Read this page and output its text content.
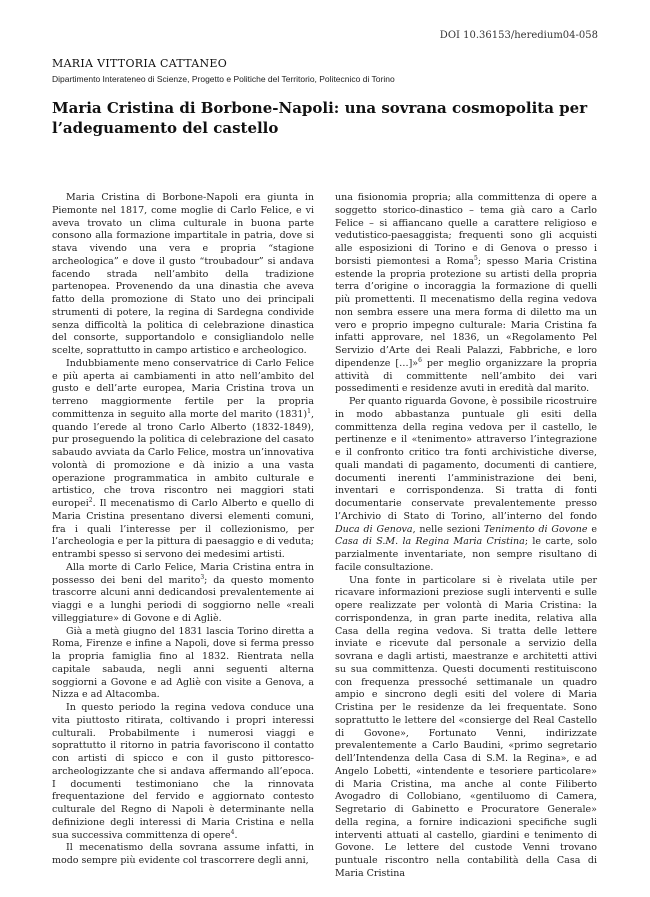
DOI 10.36153/heredium04-058
MARIA VITTORIA CATTANEO
Dipartimento Interateneo di Scienze, Progetto e Politiche del Territorio, Politecnico di Torino
Maria Cristina di Borbone-Napoli: una sovrana cosmopolita per l’adeguamento del castello

Maria Cristina di Borbone-Napoli era giunta in Piemonte nel 1817, come moglie di Carlo Felice, e vi aveva trovato un clima culturale in buona parte consono alla formazione impartitale in patria, dove si stava vivendo una vera e propria “stagione archeologica” e dove il gusto “troubadour” si andava facendo strada nell’ambito della tradizione partenopea. Provenendo da una dinastia che aveva fatto della promozione di Stato uno dei principali strumenti di potere, la regina di Sardegna condivide senza difficoltà la politica di celebrazione dinastica del consorte, supportandolo e consigliandolo nelle scelte, soprattutto in campo artistico e archeologico.

Indubbiamente meno conservatrice di Carlo Felice e più aperta ai cambiamenti in atto nell’ambito del gusto e dell’arte europea, Maria Cristina trova un terreno maggiormente fertile per la propria committenza in seguito alla morte del marito $(1831)^1$, quando l’erede al trono Carlo Alberto (1832-1849), pur proseguendo la politica di celebrazione del casato sabaudo avviata da Carlo Felice, mostra un’innovativa volontà di promozione e dà inizio a una vasta operazione programmatica in ambito culturale e artistico, che trova riscontro nei maggiori stati europei$^2$. Il mecenatismo di Carlo Alberto e quello di Maria Cristina presentano diversi elementi comuni, fra i quali l’interesse per il collezionismo, per l’archeologia e per la pittura di paesaggio e di veduta; entrambi spesso si servono dei medesimi artisti.

Alla morte di Carlo Felice, Maria Cristina entra in possesso dei beni del marito$^3$; da questo momento trascorre alcuni anni dedicandosi prevalentemente ai viaggi e a lunghi periodi di soggiorno nelle «reali villeggiature» di Govone e di Agliè.

Già a metà giugno del 1831 lascia Torino diretta a Roma, Firenze e infine a Napoli, dove si ferma presso la propria famiglia fino al 1832. Rientrata nella capitale sabauda, negli anni seguenti alterna soggiorni a Govone e ad Agliè con visite a Genova, a Nizza e ad Altacomba.

In questo periodo la regina vedova conduce una vita piuttosto ritirata, coltivando i propri interessi culturali. Probabilmente i numerosi viaggi e soprattutto il ritorno in patria favoriscono il contatto con artisti di spicco e con il gusto pittoresco-archeologizzante che si andava affermando all’epoca. I documenti testimoniano che la rinnovata frequentazione del fervido e aggiornato contesto culturale del Regno di Napoli è determinante nella definizione degli interessi di Maria Cristina e nella sua successiva committenza di opere$^4$.

Il mecenatismo della sovrana assume infatti, in modo sempre più evidente col trascorrere degli anni,

una fisionomia propria; alla committenza di opere a soggetto storico-dinastico – tema già caro a Carlo Felice – si affiancano quelle a carattere religioso e vedutistico-paesaggista; frequenti sono gli acquisti alle esposizioni di Torino e di Genova o presso i borsisti piemontesi a Roma$^5$; spesso Maria Cristina estende la propria protezione su artisti della propria terra d’origine o incoraggia la formazione di quelli più promettenti. Il mecenatismo della regina vedova non sembra essere una mera forma di diletto ma un vero e proprio impegno culturale: Maria Cristina fa infatti approvare, nel 1836, un «Regolamento Pel Servizio d’Arte dei Reali Palazzi, Fabbriche, e loro dipendenze […]»$^6$ per meglio organizzare la propria attività di committente nell’ambito dei vari possedimenti e residenze avuti in eredità dal marito.

Per quanto riguarda Govone, è possibile ricostruire in modo abbastanza puntuale gli esiti della committenza della regina vedova per il castello, le pertinenze e il «tenimento» attraverso l’integrazione e il confronto critico tra fonti archivistiche diverse, quali mandati di pagamento, documenti di cantiere, documenti inerenti l’amministrazione dei beni, inventari e corrispondenza. Si tratta di fonti documentarie conservate prevalentemente presso l’Archivio di Stato di Torino, all’interno del fondo Duca di Genova, nelle sezioni Tenimento di Govone e Casa di S.M. la Regina Maria Cristina; le carte, solo parzialmente inventariate, non sempre risultano di facile consultazione.

Una fonte in particolare si è rivelata utile per ricavare informazioni preziose sugli interventi e sulle opere realizzate per volontà di Maria Cristina: la corrispondenza, in gran parte inedita, relativa alla Casa della regina vedova. Si tratta delle lettere inviate e ricevute dal personale a servizio della sovrana e dagli artisti, maestranze e architetti attivi su sua committenza. Questi documenti restituiscono con frequenza pressoché settimanale un quadro ampio e sincrono degli esiti del volere di Maria Cristina per le residenze da lei frequentate. Sono soprattutto le lettere del «consierge del Real Castello di Govone», Fortunato Venni, indirizzate prevalentemente a Carlo Baudini, «primo segretario dell’Intendenza della Casa di S.M. la Regina», e ad Angelo Lobetti, «intendente e tesoriere particolare» di Maria Cristina, ma anche al conte Filiberto Avogadro di Collobiano, «gentiluomo di Camera, Segretario di Gabinetto e Procuratore Generale» della regina, a fornire indicazioni specifiche sugli interventi attuati al castello, giardini e tenimento di Govone. Le lettere del custode Venni trovano puntuale riscontro nella contabilità della Casa di Maria Cristina
